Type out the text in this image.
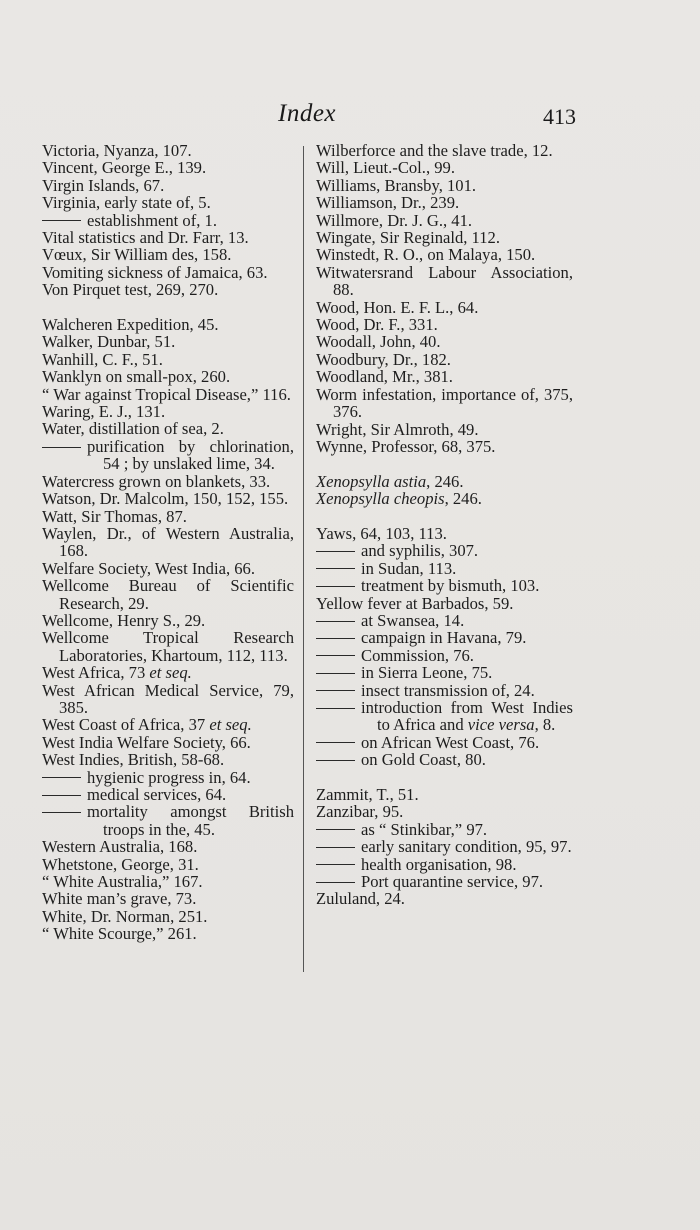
Index	413

Victoria, Nyanza, 107.

Vincent, George E., 139.

Virgin Islands, 67.

Virginia, early state of, 5.

establishment of, 1.

Vital statistics and Dr. Farr, 13.

Vœux, Sir William des, 158.

Vomiting sickness of Jamaica, 63.

Von Pirquet test, 269, 270.

Walcheren Expedition, 45.

Walker, Dunbar, 51.

Wanhill, C. F., 51.

Wanklyn on small-pox, 260.

“ War against Tropical Disease,” 116.

Waring, E. J., 131.

Water, distillation of sea, 2.

purification by chlorination, 54 ; by unslaked lime, 34.

Watercress grown on blankets, 33.

Watson, Dr. Malcolm, 150, 152, 155.

Watt, Sir Thomas, 87.

Waylen, Dr., of Western Australia, 168.

Welfare Society, West India, 66.

Wellcome Bureau of Scientific Research, 29.

Wellcome, Henry S., 29.

Wellcome Tropical Research Laboratories, Khartoum, 112, 113.

West Africa, 73 et seq.

West African Medical Service, 79, 385.

West Coast of Africa, 37 et seq.

West India Welfare Society, 66.

West Indies, British, 58-68.

hygienic progress in, 64.

medical services, 64.

mortality amongst British troops in the, 45.

Western Australia, 168.

Whetstone, George, 31.

“ White Australia,” 167.

White man’s grave, 73.

White, Dr. Norman, 251.

“ White Scourge,” 261.

Wilberforce and the slave trade, 12.

Will, Lieut.-Col., 99.

Williams, Bransby, 101.

Williamson, Dr., 239.

Willmore, Dr. J. G., 41.

Wingate, Sir Reginald, 112.

Winstedt, R. O., on Malaya, 150.

Witwatersrand Labour Association, 88.

Wood, Hon. E. F. L., 64.

Wood, Dr. F., 331.

Woodall, John, 40.

Woodbury, Dr., 182.

Woodland, Mr., 381.

Worm infestation, importance of, 375, 376.

Wright, Sir Almroth, 49.

Wynne, Professor, 68, 375.

Xenopsylla astia, 246.

Xenopsylla cheopis, 246.

Yaws, 64, 103, 113.

and syphilis, 307.

in Sudan, 113.

treatment by bismuth, 103.

Yellow fever at Barbados, 59.

at Swansea, 14.

campaign in Havana, 79.

Commission, 76.

in Sierra Leone, 75.

insect transmission of, 24.

introduction from West Indies to Africa and vice versa, 8.

on African West Coast, 76.

on Gold Coast, 80.

Zammit, T., 51.

Zanzibar, 95.

as “ Stinkibar,” 97.

early sanitary condition, 95, 97.

health organisation, 98.

Port quarantine service, 97.

Zululand, 24.
